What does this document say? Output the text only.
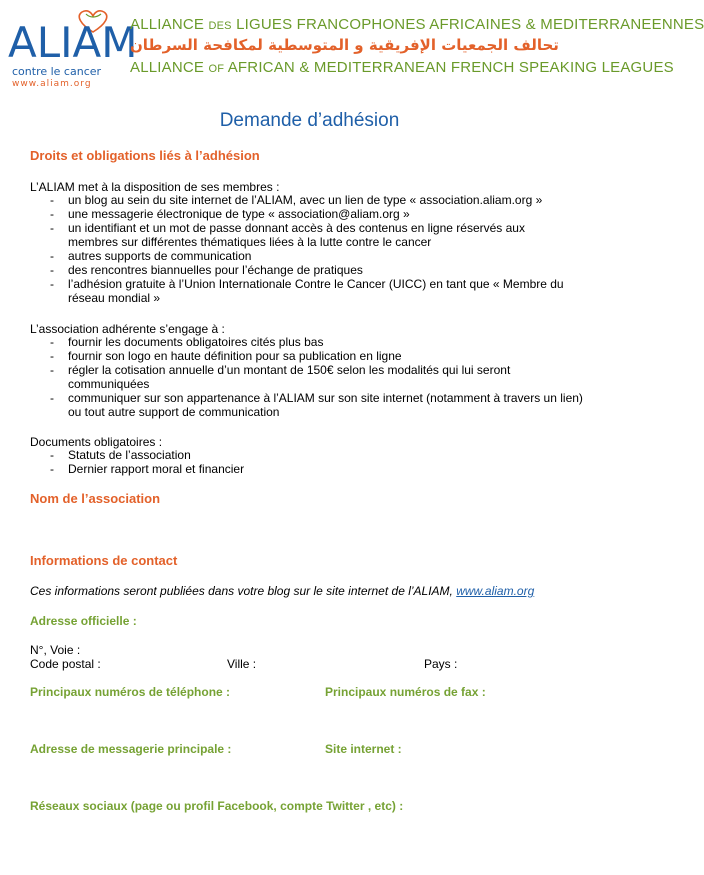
ALIAM
contre le cancer
www.aliam.org
ALLIANCE des LIGUES FRANCOPHONES AFRICAINES & MEDITERRANEENNES
تحالف الجمعيات الإفريقية و المتوسطية لمكافحة السرطان
ALLIANCE of AFRICAN & MEDITERRANEAN FRENCH SPEAKING LEAGUES
Demande d’adhésion
Droits et obligations liés à l’adhésion
L’ALIAM met à la disposition de ses membres :
- un blog au sein du site internet de l’ALIAM, avec un lien de type « association.aliam.org »
- une messagerie électronique de type « association@aliam.org »
- un identifiant et un mot de passe donnant accès à des contenus en ligne réservés aux membres sur différentes thématiques liées à la lutte contre le cancer
- autres supports de communication
- des rencontres biannuelles pour l’échange de pratiques
- l’adhésion gratuite à l’Union Internationale Contre le Cancer (UICC) en tant que « Membre du réseau mondial »
L’association adhérente s’engage à :
- fournir les documents obligatoires cités plus bas
- fournir son logo en haute définition pour sa publication en ligne
- régler la cotisation annuelle d’un montant de 150€ selon les modalités qui lui seront communiquées
- communiquer sur son appartenance à l’ALIAM sur son site internet (notamment à travers un lien) ou tout autre support de communication
Documents obligatoires :
- Statuts de l’association
- Dernier rapport moral et financier
Nom de l’association
Informations de contact
Ces informations seront publiées dans votre blog sur le site internet de l’ALIAM, www.aliam.org
Adresse officielle :
N°, Voie :
Code postal :	Ville :	Pays :
Principaux numéros de téléphone :	Principaux numéros de fax :
Adresse de messagerie principale :	Site internet :
Réseaux sociaux (page ou profil Facebook, compte Twitter , etc) :
